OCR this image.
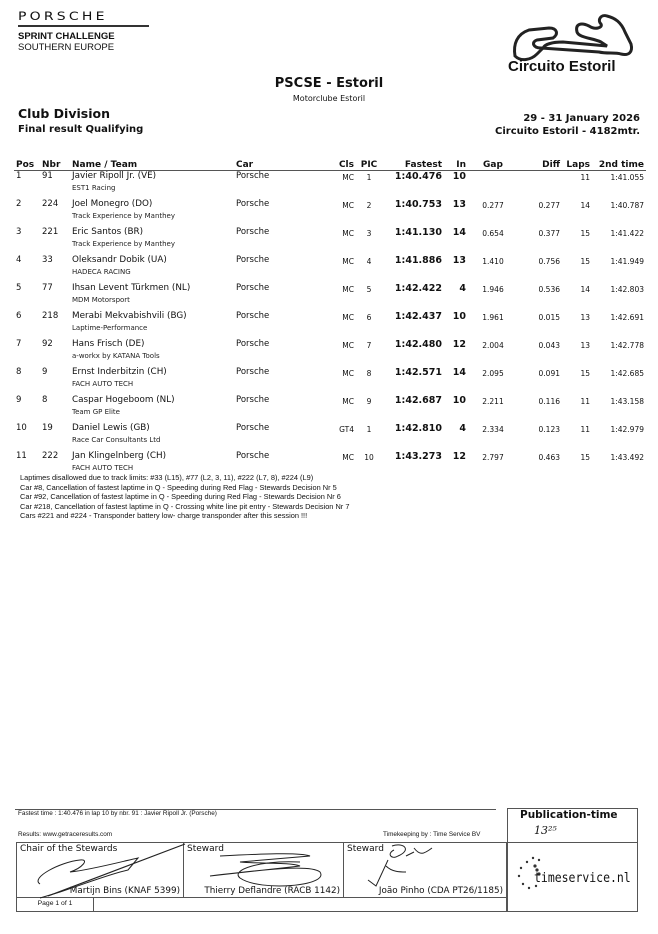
PORSCHE
SPRINT CHALLENGE
SOUTHERN EUROPE
Circuito Estoril
PSCSE - Estoril
Motorclube Estoril
Club Division
Final result Qualifying
29 - 31 January 2026
Circuito Estoril - 4182mtr.
Pos	Nbr	Name / Team	Car	Cls	PIC	Fastest	In	Gap	Diff	Laps	2nd time
1	91	Javier Ripoll Jr. (VE)	Porsche	MC	1	1:40.476	10			11	1:41.055
		EST1 Racing									
2	224	Joel Monegro (DO)	Porsche	MC	2	1:40.753	13	0.277	0.277	14	1:40.787
		Track Experience by Manthey									
3	221	Eric Santos (BR)	Porsche	MC	3	1:41.130	14	0.654	0.377	15	1:41.422
		Track Experience by Manthey									
4	33	Oleksandr Dobik (UA)	Porsche	MC	4	1:41.886	13	1.410	0.756	15	1:41.949
		HADECA RACING									
5	77	Ihsan Levent Türkmen (NL)	Porsche	MC	5	1:42.422	4	1.946	0.536	14	1:42.803
		MDM Motorsport									
6	218	Merabi Mekvabishvili (BG)	Porsche	MC	6	1:42.437	10	1.961	0.015	13	1:42.691
		Laptime-Performance									
7	92	Hans Frisch (DE)	Porsche	MC	7	1:42.480	12	2.004	0.043	13	1:42.778
		a-workx by KATANA Tools									
8	9	Ernst Inderbitzin (CH)	Porsche	MC	8	1:42.571	14	2.095	0.091	15	1:42.685
		FACH AUTO TECH									
9	8	Caspar Hogeboom (NL)	Porsche	MC	9	1:42.687	10	2.211	0.116	11	1:43.158
		Team GP Elite									
10	19	Daniel Lewis (GB)	Porsche	GT4	1	1:42.810	4	2.334	0.123	11	1:42.979
		Race Car Consultants Ltd									
11	222	Jan Klingelnberg (CH)	Porsche	MC	10	1:43.273	12	2.797	0.463	15	1:43.492
		FACH AUTO TECH									
Laptimes disallowed due to track limits: #33 (L15), #77 (L2, 3, 11), #222 (L7, 8), #224 (L9)
Car #8, Cancellation of fastest laptime in Q - Speeding during Red Flag - Stewards Decision Nr 5
Car #92, Cancellation of fastest laptime in Q - Speeding during Red Flag - Stewards Decision Nr 6
Car #218, Cancellation of fastest laptime in Q - Crossing white line pit entry - Stewards Decision Nr 7
Cars #221 and #224 - Transponder battery low- charge transponder after this session !!!
Fastest time : 1:40.476 in lap 10 by nbr. 91 : Javier Ripoll Jr. (Porsche)
Results: www.getraceresults.com	Timekeeping by : Time Service BV
Publication-time
13²⁵
Chair of the Stewards
Martijn Bins (KNAF 5399)
Steward
Thierry Deflandre (RACB 1142)
Steward
João Pinho (CDA PT26/1185)
Page 1 of 1
timeservice.nl
